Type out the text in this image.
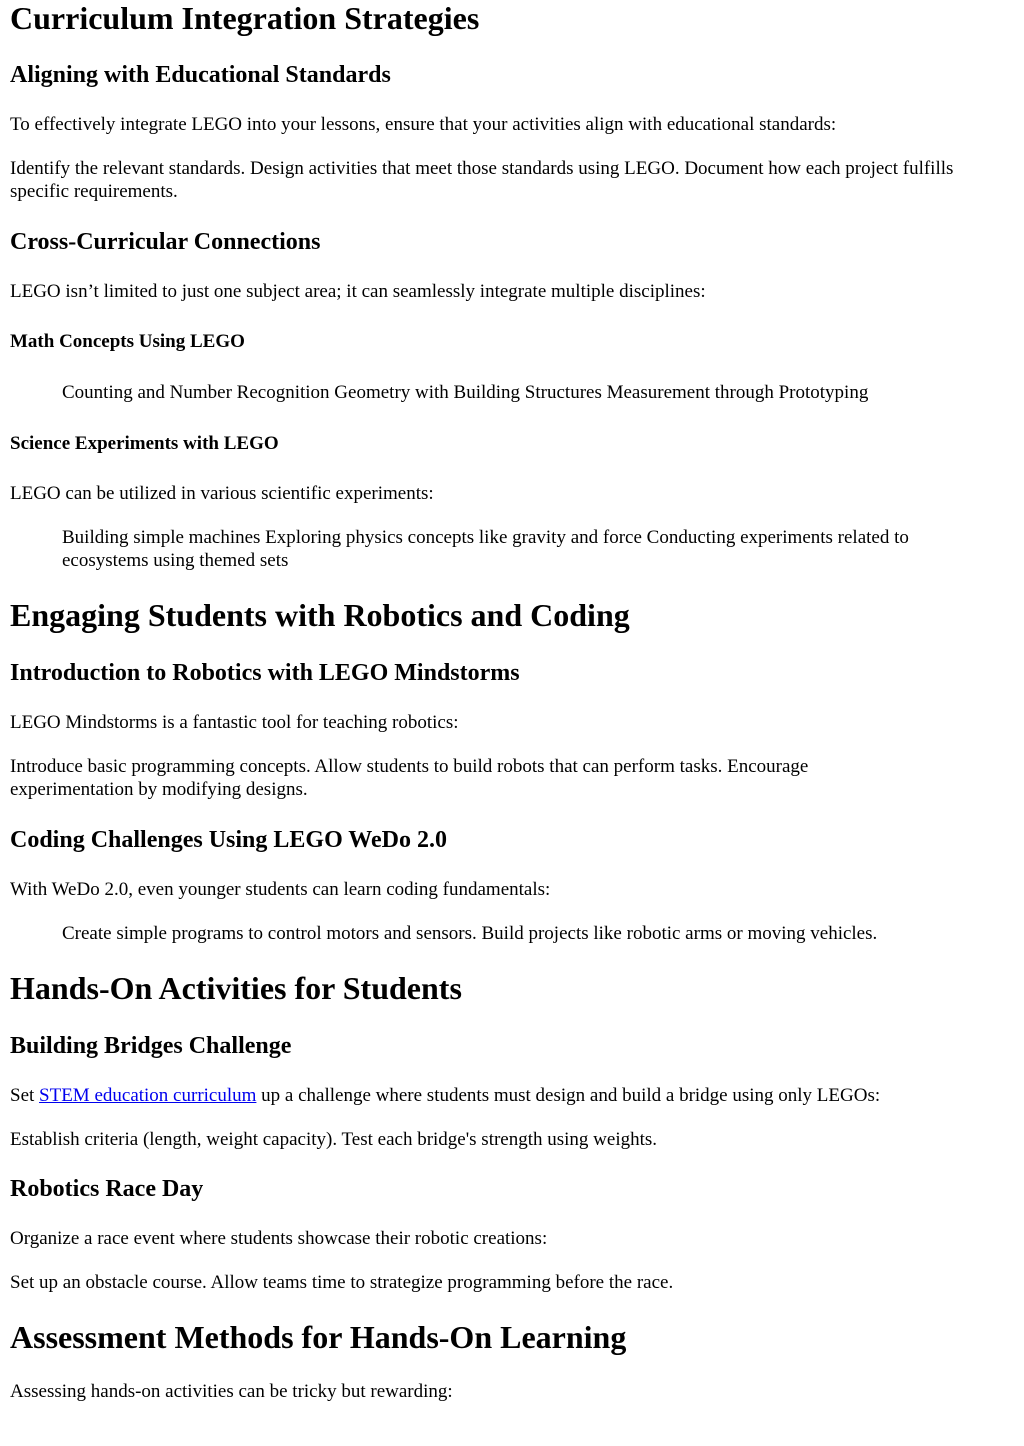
Curriculum Integration Strategies
Aligning with Educational Standards

To effectively integrate LEGO into your lessons, ensure that your activities align with educational standards:

Identify the relevant standards. Design activities that meet those standards using LEGO. Document how each project fulfills specific requirements.

Cross-Curricular Connections

LEGO isn’t limited to just one subject area; it can seamlessly integrate multiple disciplines:

Math Concepts Using LEGO
Counting and Number Recognition Geometry with Building Structures Measurement through Prototyping
Science Experiments with LEGO

LEGO can be utilized in various scientific experiments:

Building simple machines Exploring physics concepts like gravity and force Conducting experiments related to ecosystems using themed sets
Engaging Students with Robotics and Coding
Introduction to Robotics with LEGO Mindstorms

LEGO Mindstorms is a fantastic tool for teaching robotics:

Introduce basic programming concepts. Allow students to build robots that can perform tasks. Encourage experimentation by modifying designs.

Coding Challenges Using LEGO WeDo 2.0

With WeDo 2.0, even younger students can learn coding fundamentals:

Create simple programs to control motors and sensors. Build projects like robotic arms or moving vehicles.
Hands-On Activities for Students
Building Bridges Challenge

Set STEM education curriculum up a challenge where students must design and build a bridge using only LEGOs:

Establish criteria (length, weight capacity). Test each bridge's strength using weights.

Robotics Race Day

Organize a race event where students showcase their robotic creations:

Set up an obstacle course. Allow teams time to strategize programming before the race.

Assessment Methods for Hands-On Learning

Assessing hands-on activities can be tricky but rewarding:
